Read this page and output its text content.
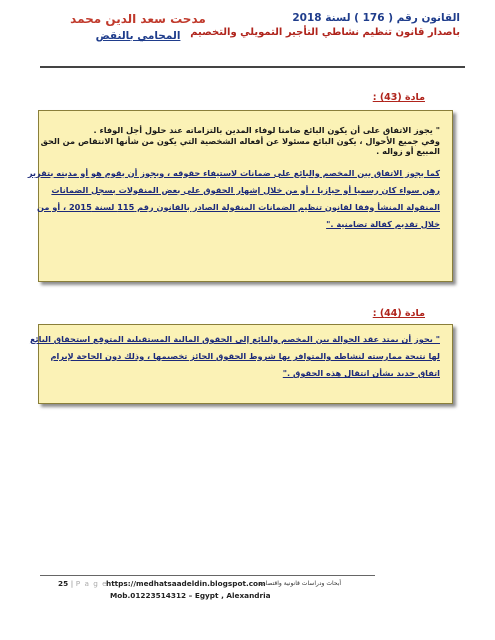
القانون رقم ( 176 ) لسنة 2018
باصدار قانون تنظيم نشاطي التأجير التمويلي والتخصيم
مدحت سعد الدين محمد
المحامي بالنقض
مادة (43) :
" يجوز الاتفاق على أن يكون البائع ضامنا لوفاء المدين بالتزاماته عند حلول أجل الوفاء .
وفي جميع الأحوال ، يكون البائع مسئولا عن أفعاله الشخصية التي يكون من شأنها الانتقاص من الحق
المبيع أو زواله .
كما يجوز الاتفاق بين المخصم والبائع على ضمانات لاستيفاء حقوقه ، ويجوز أن يقوم هو أو مدينه بتقرير
رهن سواء كان رسميا أو حيازيا ، أو من خلال إشهار الحقوق على بعض المنقولات بسجل الضمانات
المنقولة المنشأ وفقا لقانون تنظيم الضمانات المنقولة الصادر بالقانون رقم 115 لسنة 2015 ، أو من
خلال تقديم كفالة تضامنية ."
مادة (44) :
" يجوز أن يمتد عقد الحوالة بين المخصم والبائع إلى الحقوق المالية المستقبلية المتوقع استحقاق البائع
لها نتيجة ممارسته لنشاطه والمتوافر بها شروط الحقوق الجائز تخصيمها ، وذلك دون الحاجة لإبرام
اتفاق جديد بشأن انتقال هذه الحقوق ."
25 | P a g e
https://medhatsaadeldin.blogspot.com
أبحاث ودراسات قانونية واقتصادية
Mob.01223514312 – Egypt , Alexandria
